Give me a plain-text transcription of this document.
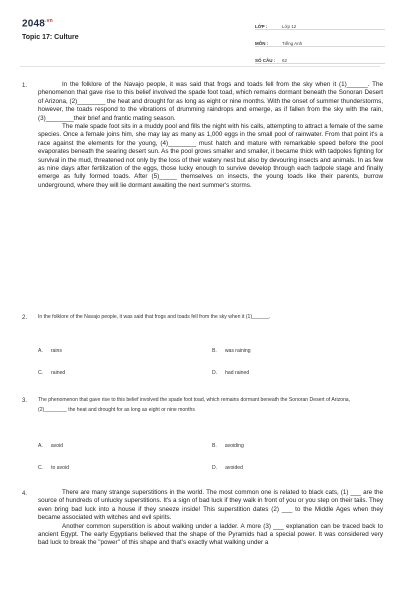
$2048^{.vn}$
Topic 17: Culture
LỚP :	Lớp 12
MÔN :	Tiếng Anh
SỐ CÂU :	62
1.	In the folklore of the Navajo people, it was said that frogs and toads fell from the sky when it (1)______. The phenomenon that gave rise to this belief involved the spade foot toad, which remains dormant beneath the Sonoran Desert of Arizona, (2)________ the heat and drought for as long as eight or nine months. With the onset of summer thunderstorms, however, the toads respond to the vibrations of drumming raindrops and emerge, as if fallen from the sky with the rain, (3)________their brief and frantic mating season.

The male spade foot sits in a muddy pool and fills the night with his calls, attempting to attract a female of the same species. Once a female joins him, she may lay as many as 1,000 eggs in the small pool of rainwater. From that point it's a race against the elements for the young, (4)________ must hatch and mature with remarkable speed before the pool evaporates beneath the searing desert sun. As the pool grows smaller and smaller, it became thick with tadpoles fighting for survival in the mud, threatened not only by the loss of their watery nest but also by devouring insects and animals. In as few as nine days after fertilization of the eggs, those lucky enough to survive develop through each tadpole stage and finally emerge as fully formed toads. After (5)_____ themselves on insects, the young toads like their parents, burrow underground, where they will lie dormant awaiting the next summer's storms.

2. In the folklore of the Navajo people, it was said that frogs and toads fell from the sky when it (1)______.
A. rains	B. was raining
C. rained	D. had rained
3. The phenomenon that gave rise to this belief involved the spade foot toad, which remains dormant beneath the Sonoran Desert of Arizona, (2)________ the heat and drought for as long as eight or nine months
A. avoid	B. avoiding
C. to avoid	D. avoided
4.	There are many strange superstitions in the world. The most common one is related to black cats, (1) ___ are the source of hundreds of unlucky superstitions. It's a sign of bad luck if they walk in front of you or you step on their tails. They even bring bad luck into a house if they sneeze inside! This superstition dates (2) ___ to the Middle Ages when they became associated with witches and evil spirits.

Another common superstition is about walking under a ladder. A more (3) ___ explanation can be traced back to ancient Egypt. The early Egyptians believed that the shape of the Pyramids had a special power. It was considered very bad luck to break the "power" of this shape and that's exactly what walking under a
